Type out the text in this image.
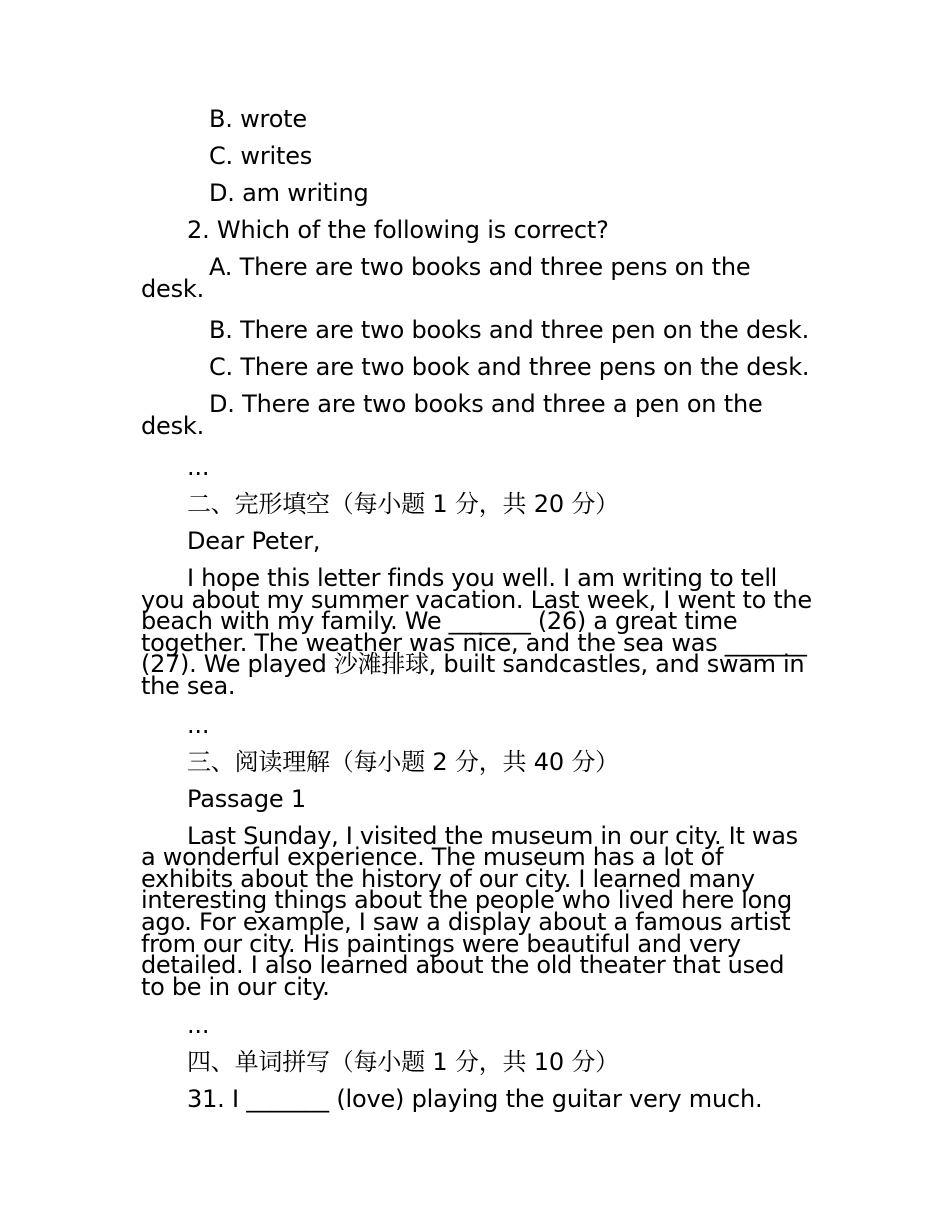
B. wrote
C. writes
D. am writing
2. Which of the following is correct?
A. There are two books and three pens on the desk.
B. There are two books and three pen on the desk.
C. There are two book and three pens on the desk.
D. There are two books and three a pen on the desk.
...
二、完形填空（每小题 1 分，共 20 分）
Dear Peter,
I hope this letter finds you well. I am writing to tell you about my summer vacation. Last week, I went to the beach with my family. We _______ (26) a great time together. The weather was nice, and the sea was _______ (27). We played 沙滩排球, built sandcastles, and swam in the sea.
...
三、阅读理解（每小题 2 分，共 40 分）
Passage 1
Last Sunday, I visited the museum in our city. It was a wonderful experience. The museum has a lot of exhibits about the history of our city. I learned many interesting things about the people who lived here long ago. For example, I saw a display about a famous artist from our city. His paintings were beautiful and very detailed. I also learned about the old theater that used to be in our city.
...
四、单词拼写（每小题 1 分，共 10 分）
31. I _______ (love) playing the guitar very much.
